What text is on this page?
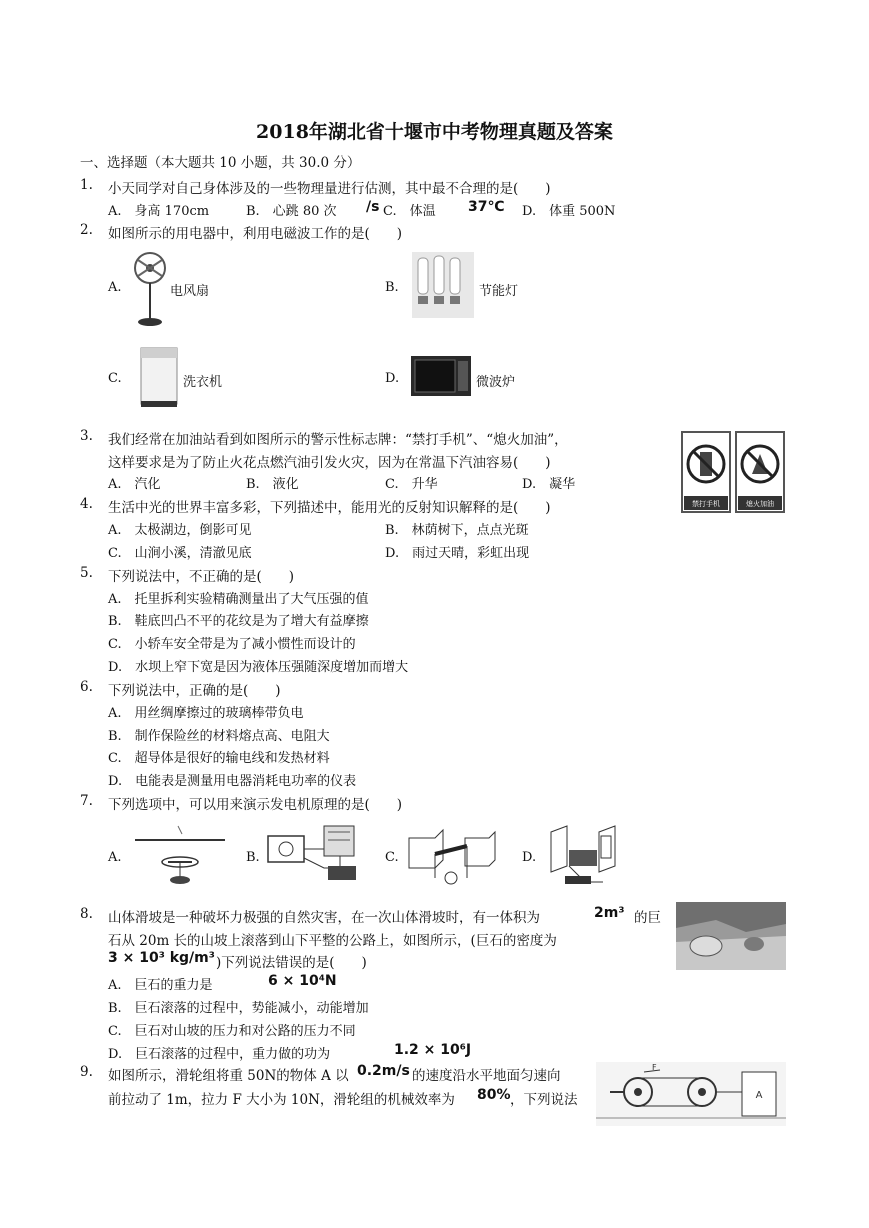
2018年湖北省十堰市中考物理真题及答案
一、选择题（本大题共 10 小题，共 30.0 分）
1. 小天同学对自己身体涉及的一些物理量进行估测，其中最不合理的是(　　)
A.　身高 170cm	B.　心跳 80 次 /s C.　体温 37℃ D.　体重 500N
2. 如图所示的用电器中，利用电磁波工作的是(　　)
A.	电风扇	B.	节能灯
C.	洗衣机	D.	微波炉
3. 我们经常在加油站看到如图所示的警示性标志牌：“禁打手机”、“熄火加油”，
这样要求是为了防止火花点燃汽油引发火灾，因为在常温下汽油容易(　　)
A.　汽化	B.　液化	C.　升华	D.　凝华
禁打手机	熄火加油
4. 生活中光的世界丰富多彩，下列描述中，能用光的反射知识解释的是(　　)
A.　太极湖边，倒影可见	B.　林荫树下，点点光斑
C.　山涧小溪，清澈见底	D.　雨过天晴，彩虹出现
5. 下列说法中，不正确的是(　　)
A.　托里拆利实验精确测量出了大气压强的值
B.　鞋底凹凸不平的花纹是为了增大有益摩擦
C.　小轿车安全带是为了减小惯性而设计的
D.　水坝上窄下宽是因为液体压强随深度增加而增大
6. 下列说法中，正确的是(　　)
A.　用丝绸摩擦过的玻璃棒带负电
B.　制作保险丝的材料熔点高、电阻大
C.　超导体是很好的输电线和发热材料
D.　电能表是测量用电器消耗电功率的仪表
7. 下列选项中，可以用来演示发电机原理的是(　　)
A.	B.	C.	D.
8. 山体滑坡是一种破坏力极强的自然灾害，在一次山体滑坡时，有一体积为	2m³ 的巨
石从 20m 长的山坡上滚落到山下平整的公路上，如图所示，(巨石的密度为
3 × 10³ kg/m³ )下列说法错误的是(　　)
A.　巨石的重力是	6 × 10⁴N
B.　巨石滚落的过程中，势能减小，动能增加
C.　巨石对山坡的压力和对公路的压力不同
D.　巨石滚落的过程中，重力做的功为	1.2 × 10⁶J
9. 如图所示，滑轮组将重 50N的物体 A 以 0.2m/s 的速度沿水平地面匀速向
前拉动了 1m，拉力 F 大小为 10N，滑轮组的机械效率为 80% ，下列说法
F
A
